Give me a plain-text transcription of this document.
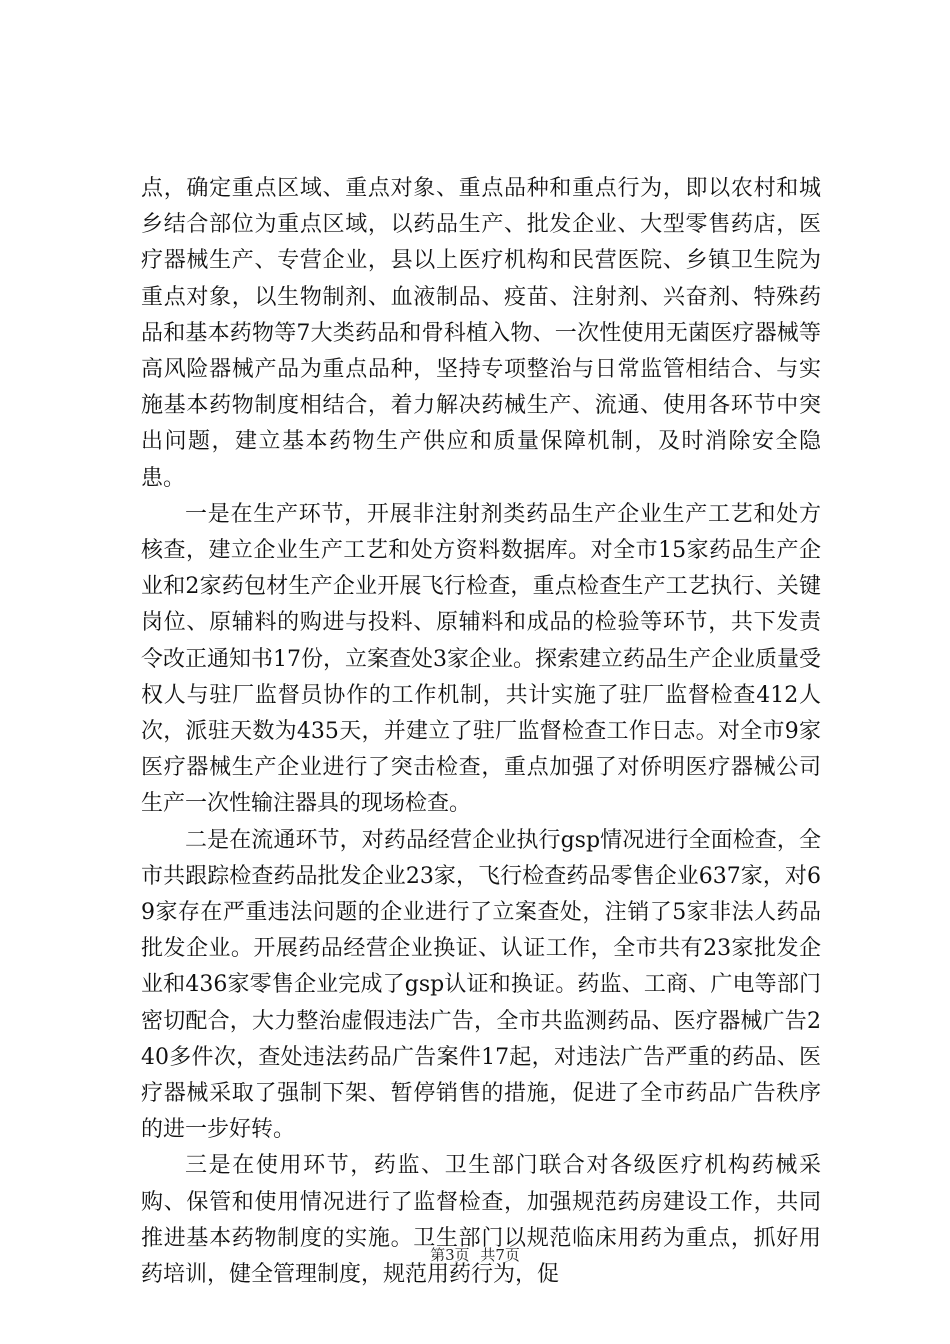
点，确定重点区域、重点对象、重点品种和重点行为，即以农村和城乡结合部位为重点区域，以药品生产、批发企业、大型零售药店，医疗器械生产、专营企业，县以上医疗机构和民营医院、乡镇卫生院为重点对象，以生物制剂、血液制品、疫苗、注射剂、兴奋剂、特殊药品和基本药物等7大类药品和骨科植入物、一次性使用无菌医疗器械等高风险器械产品为重点品种，坚持专项整治与日常监管相结合、与实施基本药物制度相结合，着力解决药械生产、流通、使用各环节中突出问题，建立基本药物生产供应和质量保障机制，及时消除安全隐患。

一是在生产环节，开展非注射剂类药品生产企业生产工艺和处方核查，建立企业生产工艺和处方资料数据库。对全市15家药品生产企业和2家药包材生产企业开展飞行检查，重点检查生产工艺执行、关键岗位、原辅料的购进与投料、原辅料和成品的检验等环节，共下发责令改正通知书17份，立案查处3家企业。探索建立药品生产企业质量受权人与驻厂监督员协作的工作机制，共计实施了驻厂监督检查412人次，派驻天数为435天，并建立了驻厂监督检查工作日志。对全市9家医疗器械生产企业进行了突击检查，重点加强了对侨明医疗器械公司生产一次性输注器具的现场检查。

二是在流通环节，对药品经营企业执行gsp情况进行全面检查，全市共跟踪检查药品批发企业23家，飞行检查药品零售企业637家，对69家存在严重违法问题的企业进行了立案查处，注销了5家非法人药品批发企业。开展药品经营企业换证、认证工作，全市共有23家批发企业和436家零售企业完成了gsp认证和换证。药监、工商、广电等部门密切配合，大力整治虚假违法广告，全市共监测药品、医疗器械广告240多件次，查处违法药品广告案件17起，对违法广告严重的药品、医疗器械采取了强制下架、暂停销售的措施，促进了全市药品广告秩序的进一步好转。

三是在使用环节，药监、卫生部门联合对各级医疗机构药械采购、保管和使用情况进行了监督检查，加强规范药房建设工作，共同推进基本药物制度的实施。卫生部门以规范临床用药为重点，抓好用药培训，健全管理制度，规范用药行为，促

第3页 共7页
